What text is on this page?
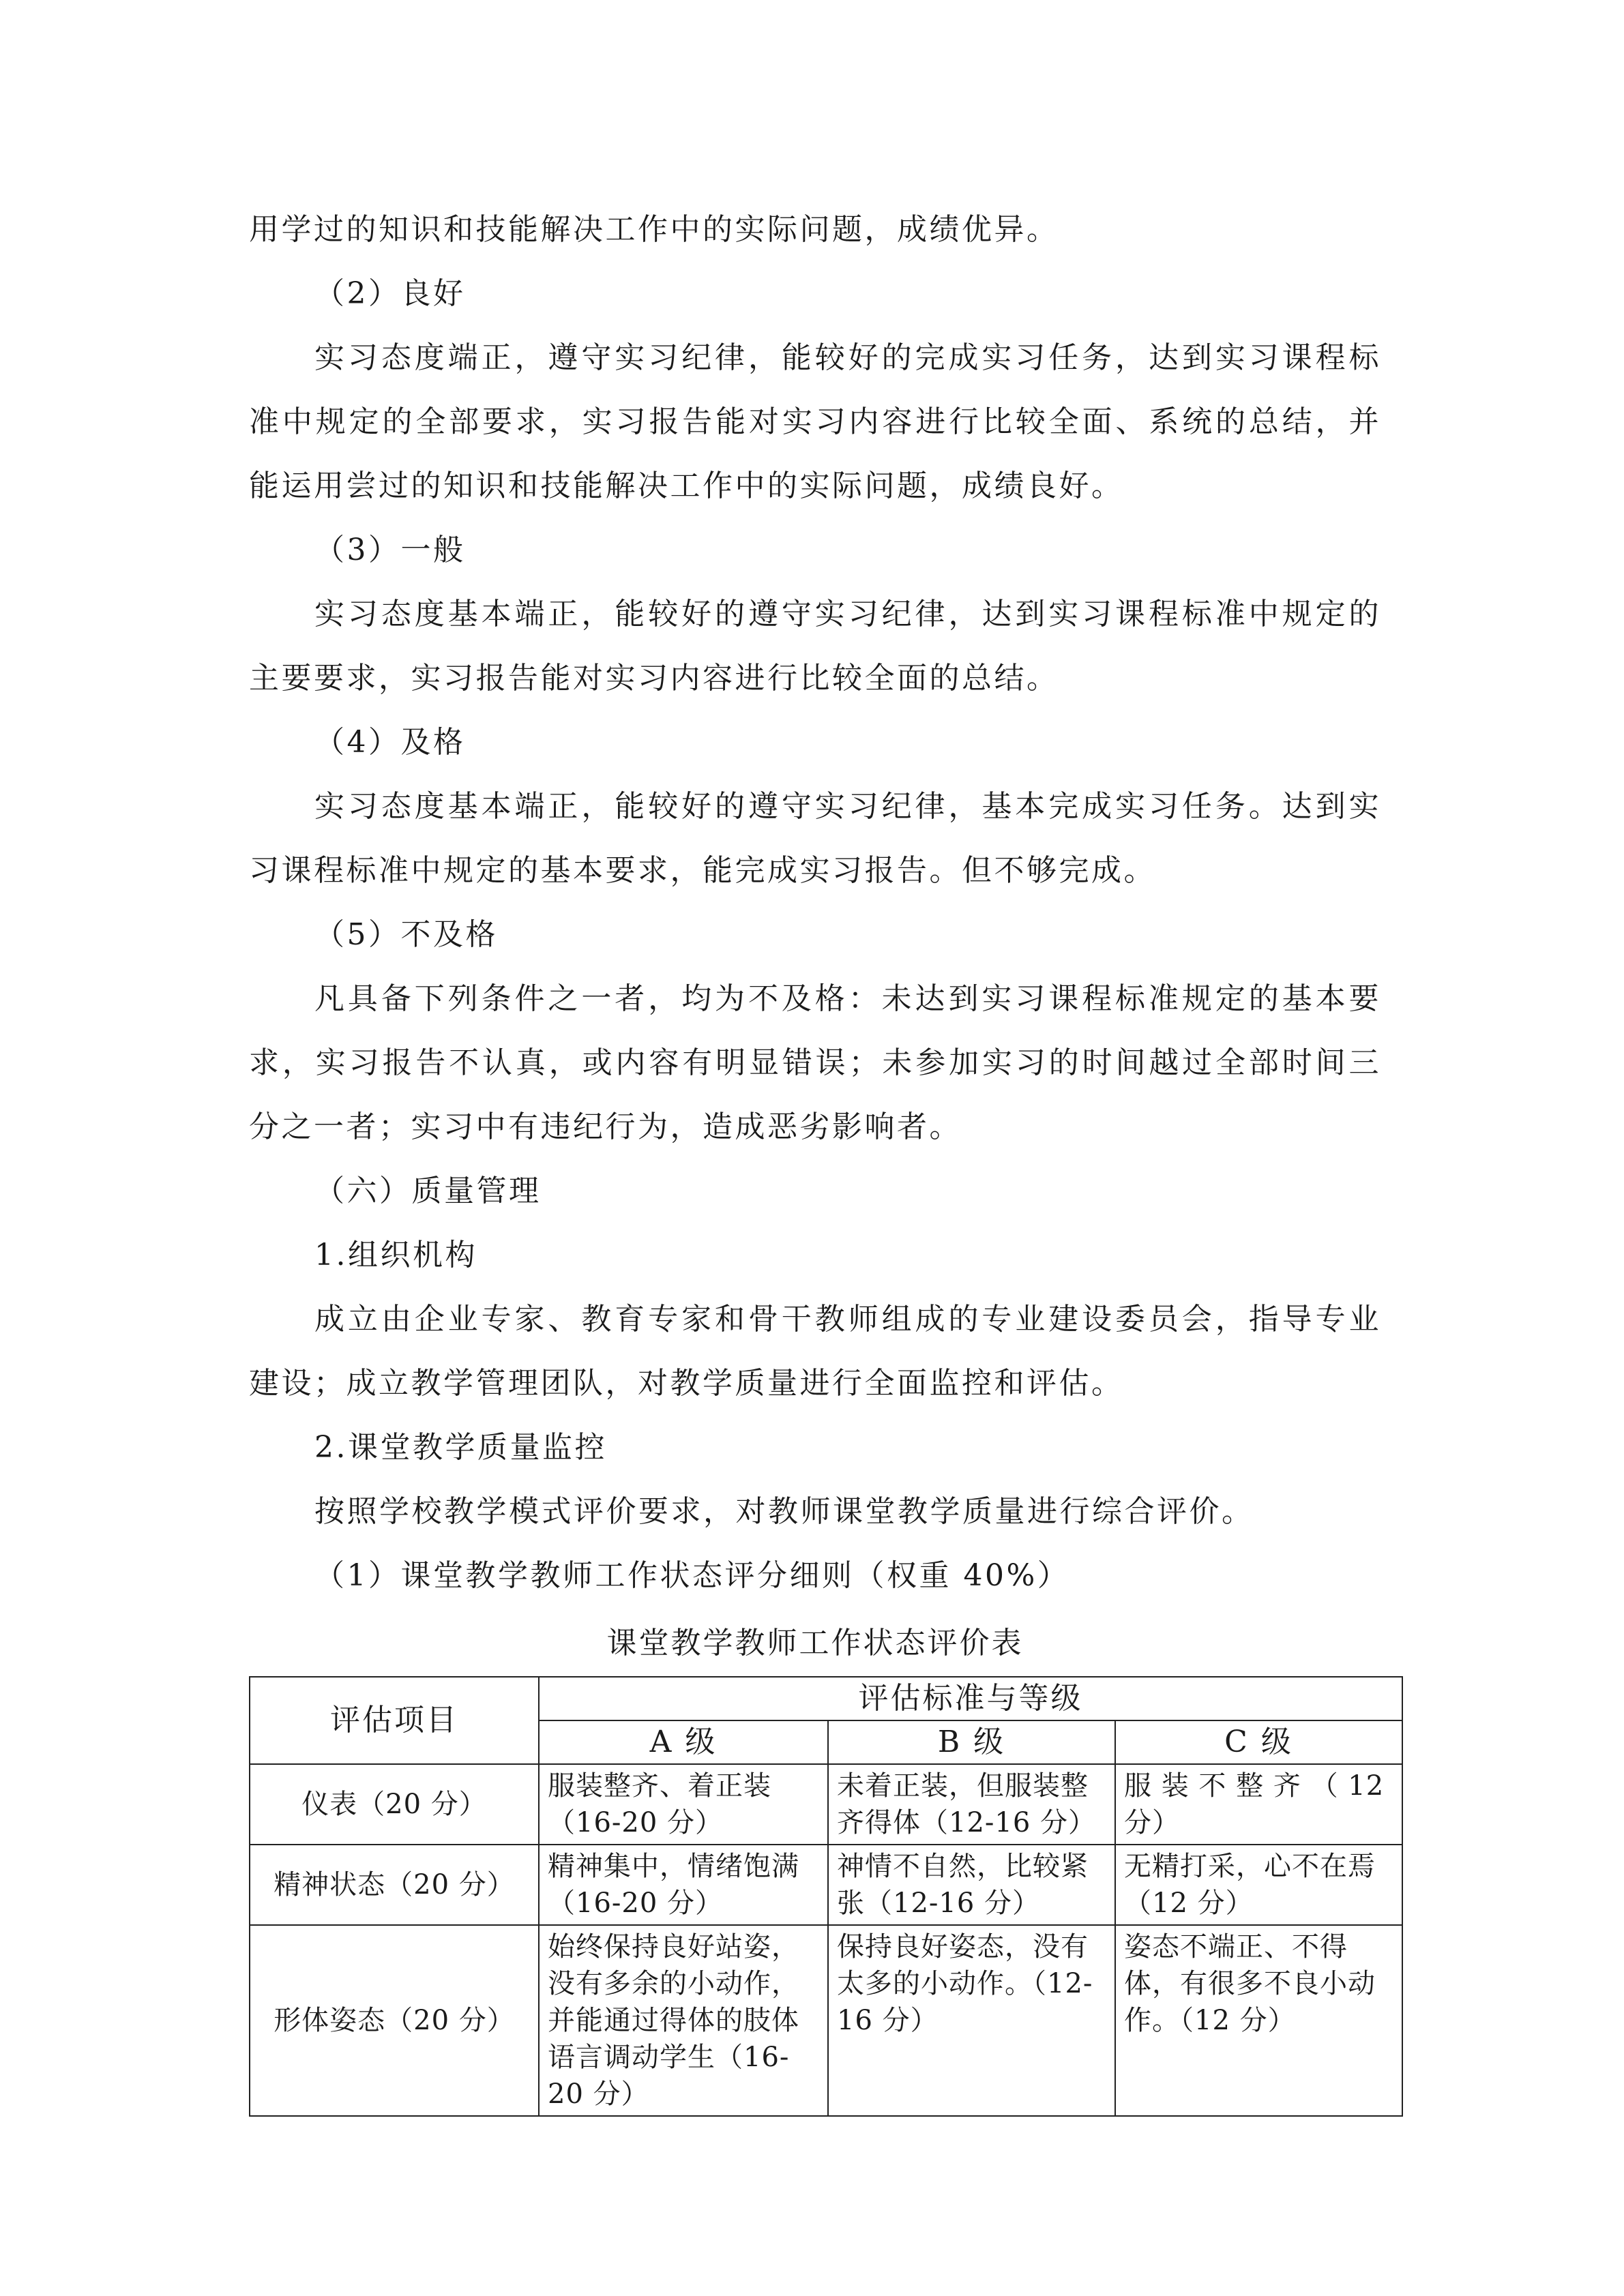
用学过的知识和技能解决工作中的实际问题，成绩优异。
（2）良好
实习态度端正，遵守实习纪律，能较好的完成实习任务，达到实习课程标
准中规定的全部要求，实习报告能对实习内容进行比较全面、系统的总结，并
能运用尝过的知识和技能解决工作中的实际问题，成绩良好。
（3）一般
实习态度基本端正，能较好的遵守实习纪律，达到实习课程标准中规定的
主要要求，实习报告能对实习内容进行比较全面的总结。
（4）及格
实习态度基本端正，能较好的遵守实习纪律，基本完成实习任务。达到实
习课程标准中规定的基本要求，能完成实习报告。但不够完成。
（5）不及格
凡具备下列条件之一者，均为不及格：未达到实习课程标准规定的基本要
求，实习报告不认真，或内容有明显错误；未参加实习的时间越过全部时间三
分之一者；实习中有违纪行为，造成恶劣影响者。
（六）质量管理
1.组织机构
成立由企业专家、教育专家和骨干教师组成的专业建设委员会，指导专业
建设；成立教学管理团队，对教学质量进行全面监控和评估。
2.课堂教学质量监控
按照学校教学模式评价要求，对教师课堂教学质量进行综合评价。
（1）课堂教学教师工作状态评分细则（权重 40%）
课堂教学教师工作状态评价表
评估项目	评估标准与等级		
	A 级	B 级	C 级
仪表（20 分）	服装整齐、着正装（16-20 分）	未着正装，但服装整齐得体（12-16 分）	服 装 不 整 齐 （ 12 分）
精神状态（20 分）	精神集中，情绪饱满（16-20 分）	神情不自然，比较紧张（12-16 分）	无精打采，心不在焉（12 分）
形体姿态（20 分）	始终保持良好站姿，没有多余的小动作，并能通过得体的肢体语言调动学生（16-20 分）	保持良好姿态，没有太多的小动作。（12-16 分）	姿态不端正、不得体，有很多不良小动作。（12 分）
